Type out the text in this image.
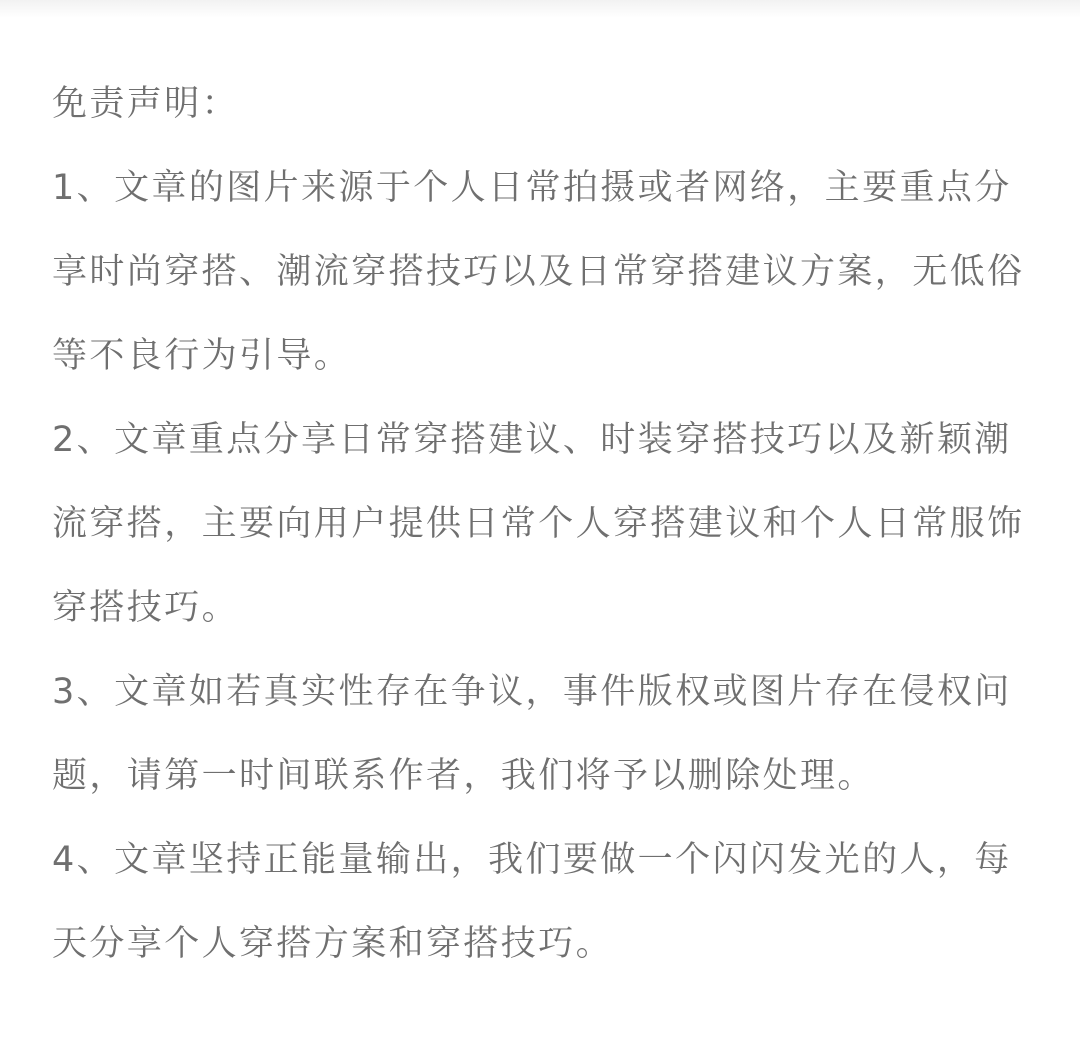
免责声明：

1、文章的图片来源于个人日常拍摄或者网络，主要重点分享时尚穿搭、潮流穿搭技巧以及日常穿搭建议方案，无低俗等不良行为引导。

2、文章重点分享日常穿搭建议、时装穿搭技巧以及新颖潮流穿搭，主要向用户提供日常个人穿搭建议和个人日常服饰穿搭技巧。

3、文章如若真实性存在争议，事件版权或图片存在侵权问题，请第一时间联系作者，我们将予以删除处理。

4、文章坚持正能量输出，我们要做一个闪闪发光的人，每天分享个人穿搭方案和穿搭技巧。
